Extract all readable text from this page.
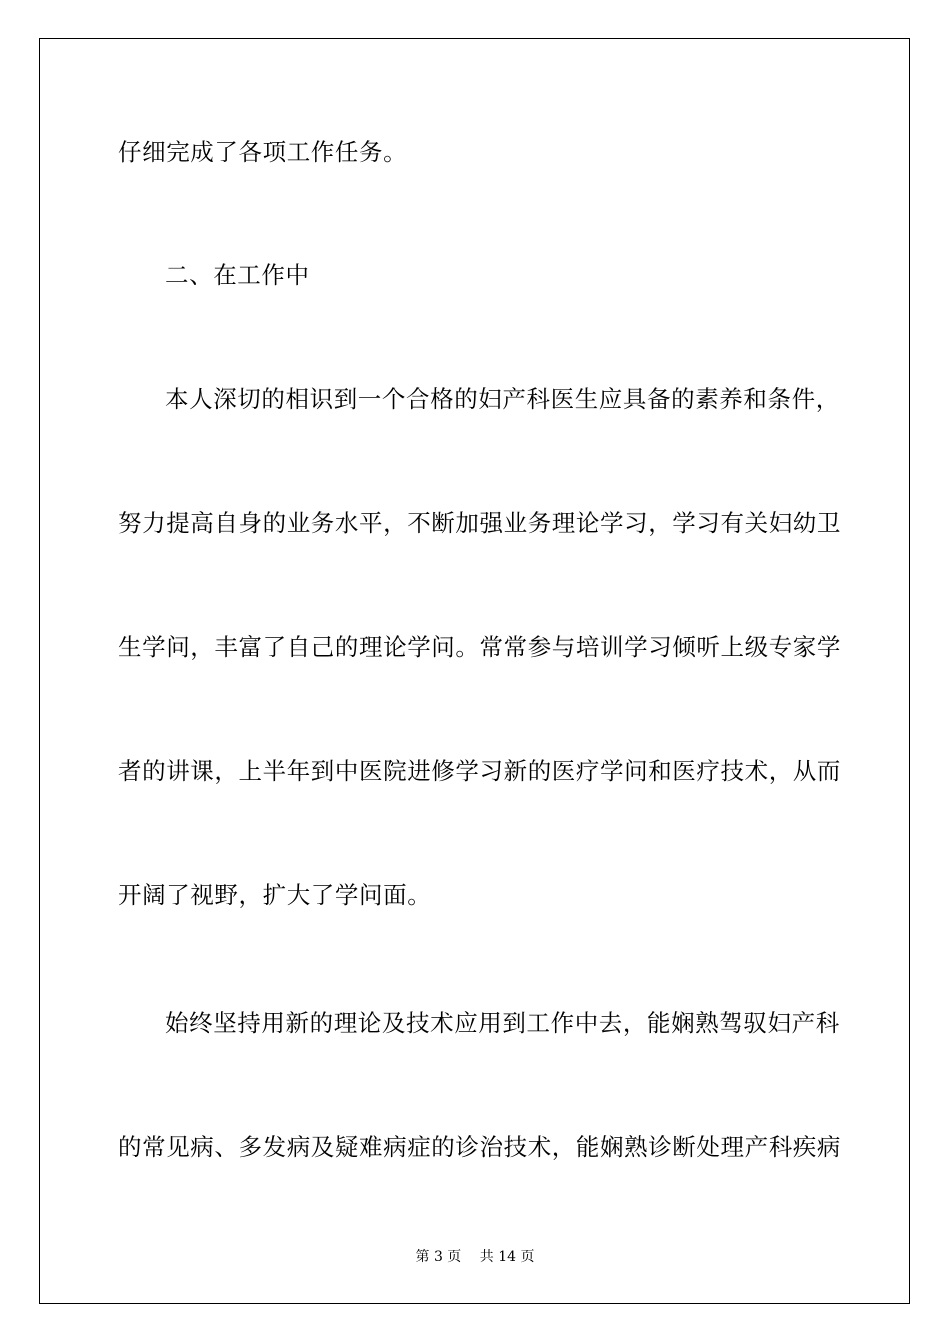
仔细完成了各项工作任务。
二、在工作中
本人深切的相识到一个合格的妇产科医生应具备的素养和条件，
努力提高自身的业务水平，不断加强业务理论学习，学习有关妇幼卫
生学问，丰富了自己的理论学问。常常参与培训学习倾听上级专家学
者的讲课，上半年到中医院进修学习新的医疗学问和医疗技术，从而
开阔了视野，扩大了学问面。
始终坚持用新的理论及技术应用到工作中去，能娴熟驾驭妇产科
的常见病、多发病及疑难病症的诊治技术，能娴熟诊断处理产科疾病
第 3 页　 共 14 页
